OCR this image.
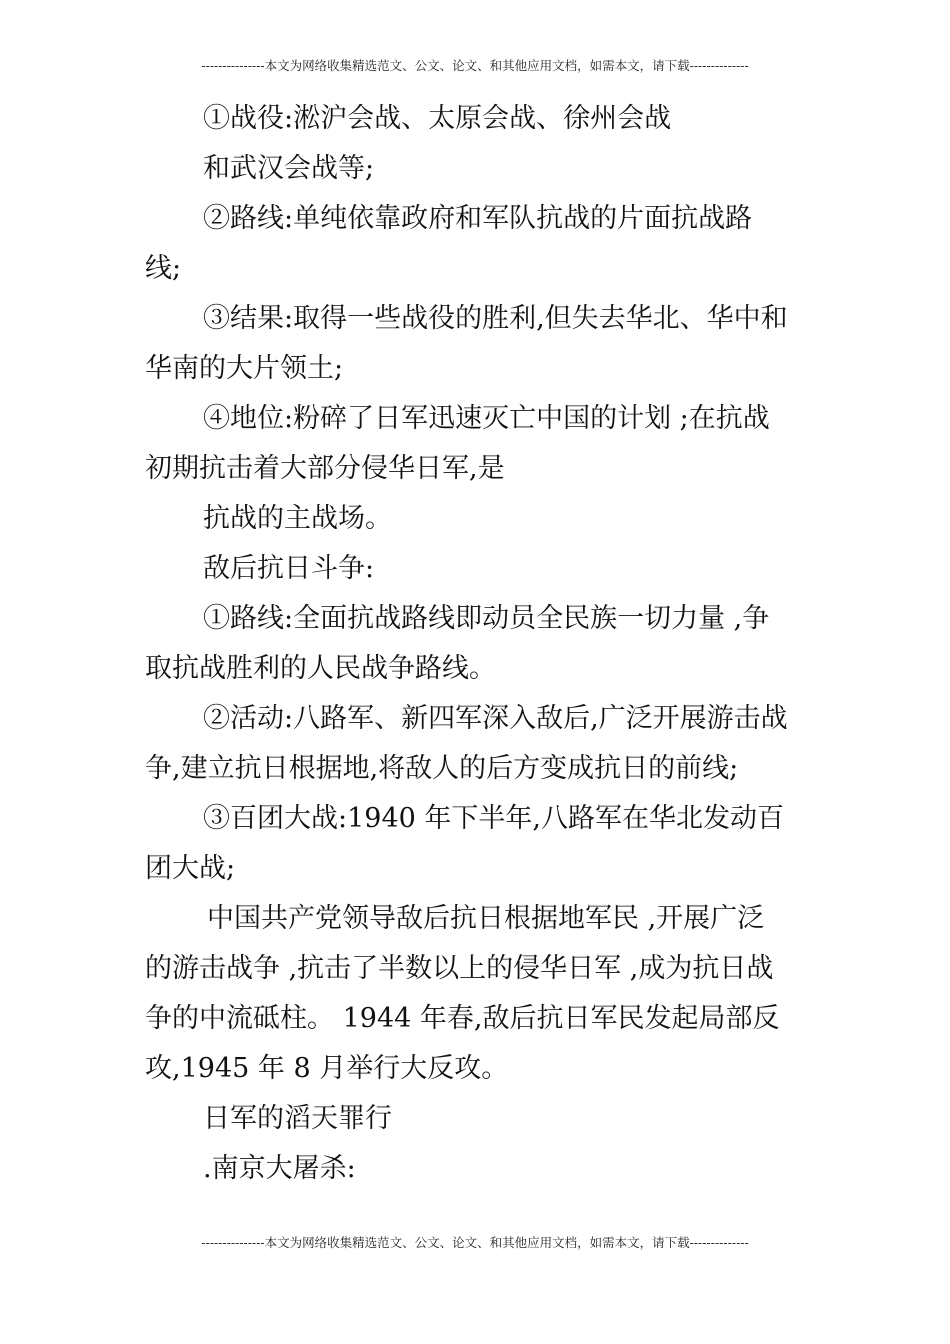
---------------本文为网络收集精选范文、公文、论文、和其他应用文档，如需本文，请下载--------------
①战役:淞沪会战、太原会战、徐州会战
和武汉会战等;
②路线:单纯依靠政府和军队抗战的片面抗战路
线;
③结果:取得一些战役的胜利,但失去华北、华中和
华南的大片领土;
④地位:粉碎了日军迅速灭亡中国的计划 ;在抗战
初期抗击着大部分侵华日军,是
抗战的主战场。
敌后抗日斗争:
①路线:全面抗战路线即动员全民族一切力量 ,争
取抗战胜利的人民战争路线。
②活动:八路军、新四军深入敌后,广泛开展游击战
争,建立抗日根据地,将敌人的后方变成抗日的前线;
③百团大战:1940 年下半年,八路军在华北发动百
团大战;
中国共产党领导敌后抗日根据地军民 ,开展广泛
的游击战争 ,抗击了半数以上的侵华日军 ,成为抗日战
争的中流砥柱。 1944 年春,敌后抗日军民发起局部反
攻,1945 年 8 月举行大反攻。
日军的滔天罪行
.南京大屠杀:
---------------本文为网络收集精选范文、公文、论文、和其他应用文档，如需本文，请下载--------------
